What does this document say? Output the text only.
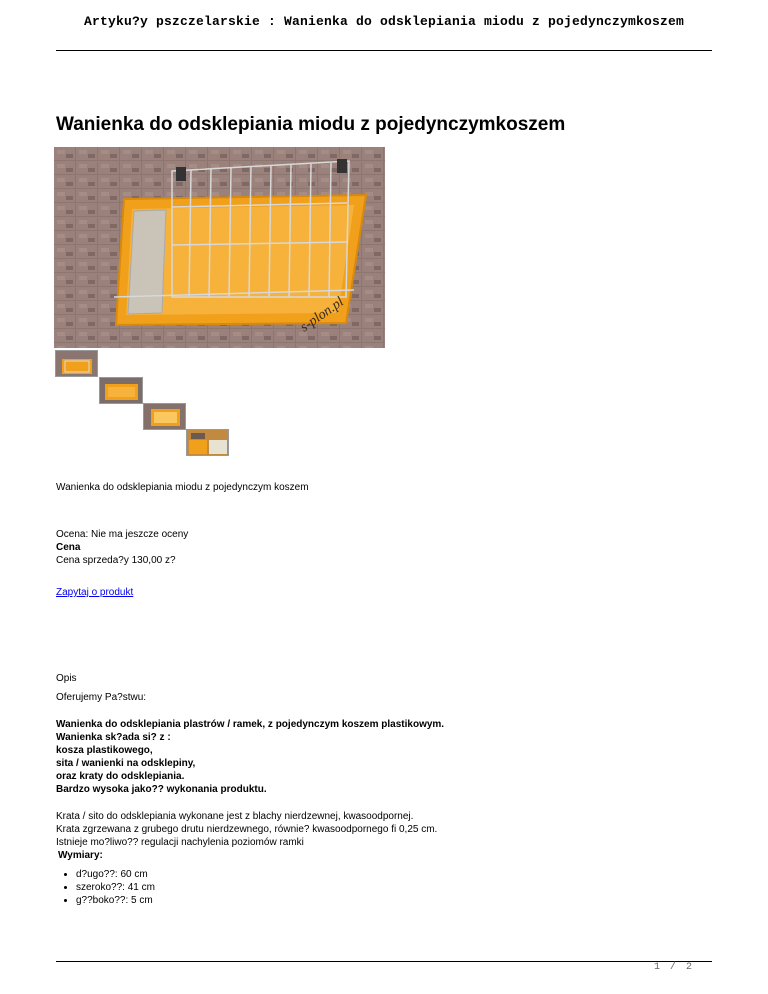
Artyku?y pszczelarskie : Wanienka do odsklepiania miodu z pojedynczymkoszem
Wanienka do odsklepiania miodu z pojedynczymkoszem
s-plon.pl
Wanienka do odsklepiania miodu z pojedynczym koszem
Ocena: Nie ma jeszcze oceny
Cena
Cena sprzeda?y 130,00 z?
Zapytaj o produkt
Opis
Oferujemy Pa?stwu:
Wanienka do odsklepiania plastrów / ramek, z pojedynczym koszem plastikowym.
Wanienka sk?ada si? z :
kosza plastikowego,
sita / wanienki na odsklepiny,
oraz kraty do odsklepiania.
Bardzo wysoka jako?? wykonania produktu.
Krata / sito do odsklepiania wykonane jest z blachy nierdzewnej, kwasoodpornej.
Krata zgrzewana z grubego drutu nierdzewnego, równie? kwasoodpornego fi 0,25 cm.
Istnieje mo?liwo?? regulacji nachylenia poziomów ramki
Wymiary:
• d?ugo??: 60 cm
• szeroko??: 41 cm
• g??boko??: 5 cm
1 / 2
